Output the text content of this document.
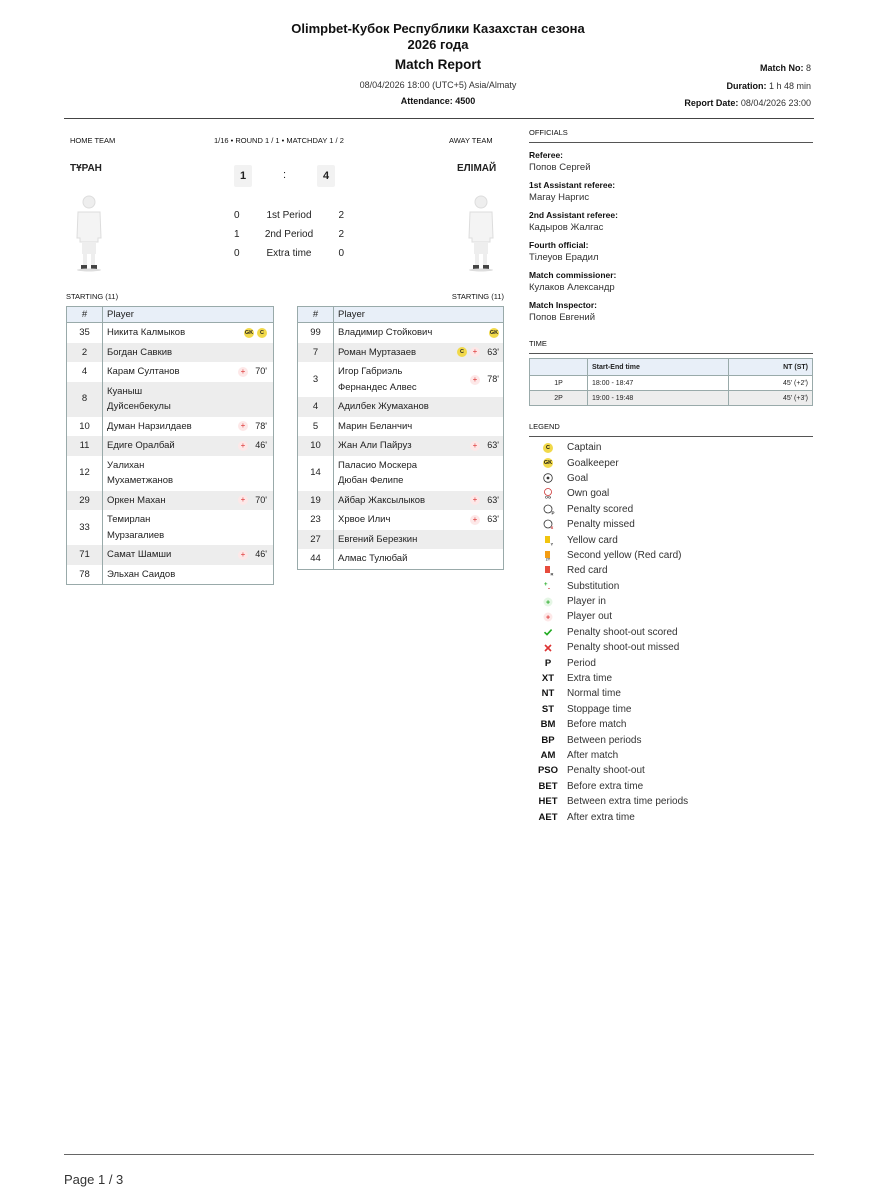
Olimpbet-Кубок Республики Казахстан сезона
2026 года
Match Report
08/04/2026 18:00 (UTC+5) Asia/Almaty
Attendance: 4500
Match No: 8
Duration: 1 h 48 min
Report Date: 08/04/2026 23:00
HOME TEAM	1/16 • ROUND 1 / 1 • MATCHDAY 1 / 2	AWAY TEAM
ТҰРАН	ЕЛІМАЙ
1	:	4
0	1st Period	2
1	2nd Period	2
0	Extra time	0
STARTING (11)	STARTING (11)
#	Player
35	Никита Калмыков GK C

2	Богдан Савкив

4	Карам Султанов + 70'

8	Куаныш Дуйсенбекулы

10	Думан Нарзилдаев + 78'

11	Едиге Оралбай + 46'

12	Уалихан Мухаметжанов

29	Оркен Махан + 70'

33	Темирлан Мурзагалиев

71	Самат Шамши + 46'

78	Эльхан Саидов
#	Player
99	Владимир Стойкович GK

7	Роман Муртазаев C + 63'

3	Игор Габриэль Фернандес Алвес
+ 78'

4	Адилбек Жумаханов

5	Марин Беланчич

10	Жан Али Пайруз + 63'

14	Паласио Москера Дюбан Фелипе

19	Айбар Жаксылыков + 63'

23	Хрвое Илич + 63'

27	Евгений Березкин

44	Алмас Тулюбай
OFFICIALS
Referee:
Попов Сергей
1st Assistant referee:
Магау Наргис
2nd Assistant referee:
Кадыров Жалгас
Fourth official:
Тілеуов Ерадил
Match commissioner:
Кулаков Александр
Match Inspector:
Попов Евгений
TIME
	Start-End time	NT (ST)
1P	18:00 - 18:47	45' (+2')
2P	19:00 - 19:48	45' (+3')
LEGEND
C	Captain
GK Goalkeeper
Goal
OG Own goal
P Penalty scored
× Penalty missed
Y Yellow card
2Y Second yellow (Red card)
R Red card
+
- Substitution
+ Player in
+ Player out
Penalty shoot-out scored
Penalty shoot-out missed
P	Period
XT	Extra time
NT	Normal time
ST	Stoppage time
BM	Before match
BP	Between periods
AM	After match
PSO Penalty shoot-out
BET Before extra time
HET Between extra time periods
AET After extra time
Page 1 / 3
